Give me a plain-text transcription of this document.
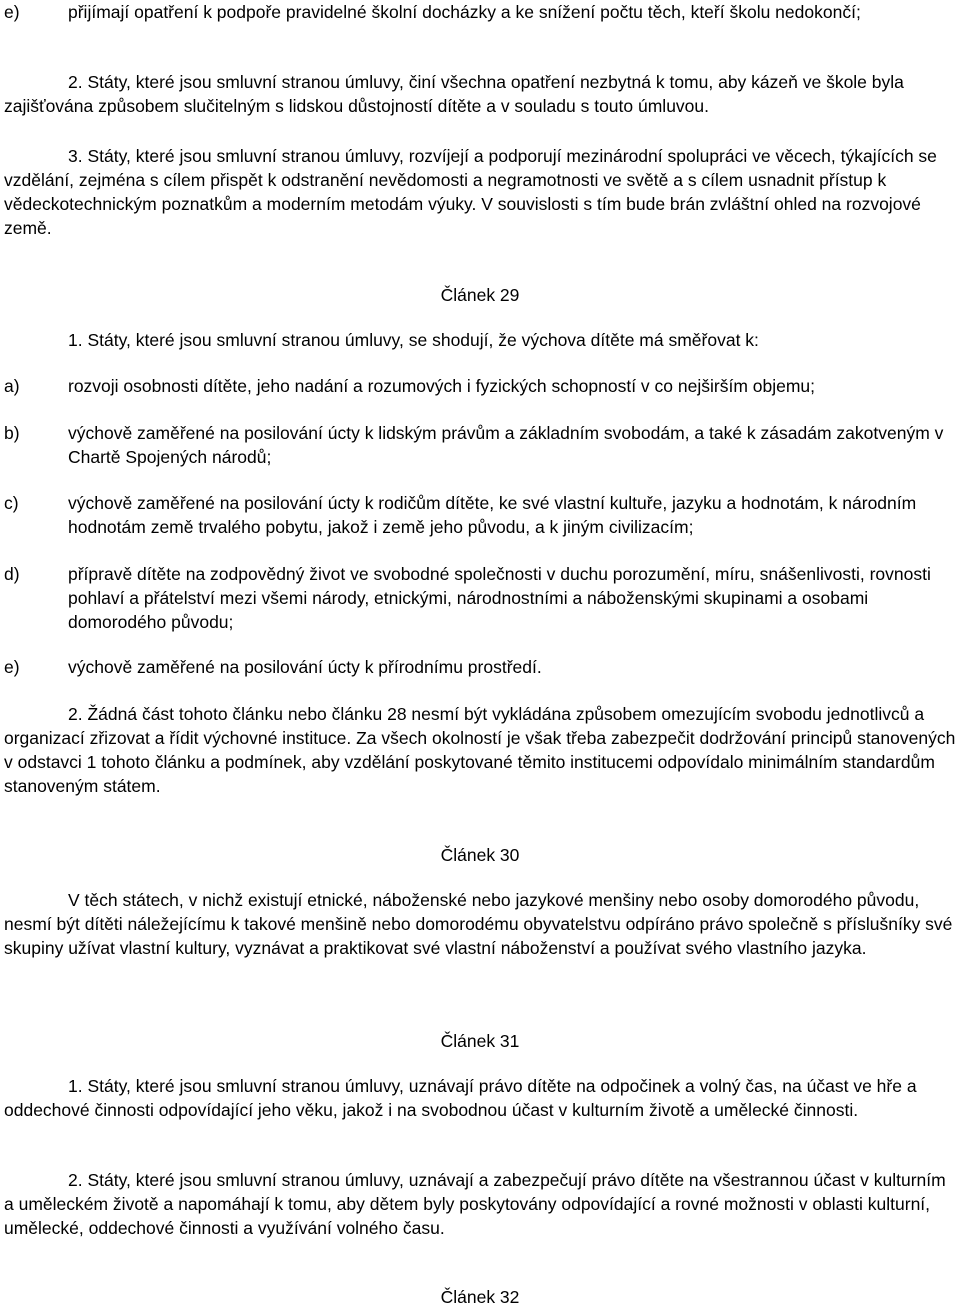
e)	přijímají opatření k podpoře pravidelné školní docházky a ke snížení počtu těch, kteří školu nedokončí;
2. Státy, které jsou smluvní stranou úmluvy, činí všechna opatření nezbytná k tomu, aby kázeň ve škole byla zajišťována způsobem slučitelným s lidskou důstojností dítěte a v souladu s touto úmluvou.
3. Státy, které jsou smluvní stranou úmluvy, rozvíjejí a podporují mezinárodní spolupráci ve věcech, týkajících se vzdělání, zejména s cílem přispět k odstranění nevědomosti a negramotnosti ve světě a s cílem usnadnit přístup k vědeckotechnickým poznatkům a moderním metodám výuky. V souvislosti s tím bude brán zvláštní ohled na rozvojové země.
Článek 29
1. Státy, které jsou smluvní stranou úmluvy, se shodují, že výchova dítěte má směřovat k:
a)	rozvoji osobnosti dítěte, jeho nadání a rozumových i fyzických schopností v co nejširším objemu;
b)	výchově zaměřené na posilování úcty k lidským právům a základním svobodám, a také k zásadám zakotveným v Chartě Spojených národů;
c)	výchově zaměřené na posilování úcty k rodičům dítěte, ke své vlastní kultuře, jazyku a hodnotám, k národním hodnotám země trvalého pobytu, jakož i země jeho původu, a k jiným civilizacím;
d)	přípravě dítěte na zodpovědný život ve svobodné společnosti v duchu porozumění, míru, snášenlivosti, rovnosti pohlaví a přátelství mezi všemi národy, etnickými, národnostními a náboženskými skupinami a osobami domorodého původu;
e)	výchově zaměřené na posilování úcty k přírodnímu prostředí.
2. Žádná část tohoto článku nebo článku 28 nesmí být vykládána způsobem omezujícím svobodu jednotlivců a organizací zřizovat a řídit výchovné instituce. Za všech okolností je však třeba zabezpečit dodržování principů stanovených v odstavci 1 tohoto článku a podmínek, aby vzdělání poskytované těmito institucemi odpovídalo minimálním standardům stanoveným státem.
Článek 30
V těch státech, v nichž existují etnické, náboženské nebo jazykové menšiny nebo osoby domorodého původu, nesmí být dítěti náležejícímu k takové menšině nebo domorodému obyvatelstvu odpíráno právo společně s příslušníky své skupiny užívat vlastní kultury, vyznávat a praktikovat své vlastní náboženství a používat svého vlastního jazyka.
Článek 31
1. Státy, které jsou smluvní stranou úmluvy, uznávají právo dítěte na odpočinek a volný čas, na účast ve hře a oddechové činnosti odpovídající jeho věku, jakož i na svobodnou účast v kulturním životě a umělecké činnosti.
2. Státy, které jsou smluvní stranou úmluvy, uznávají a zabezpečují právo dítěte na všestrannou účast v kulturním a uměleckém životě a napomáhají k tomu, aby dětem byly poskytovány odpovídající a rovné možnosti v oblasti kulturní, umělecké, oddechové činnosti a využívání volného času.
Článek 32
